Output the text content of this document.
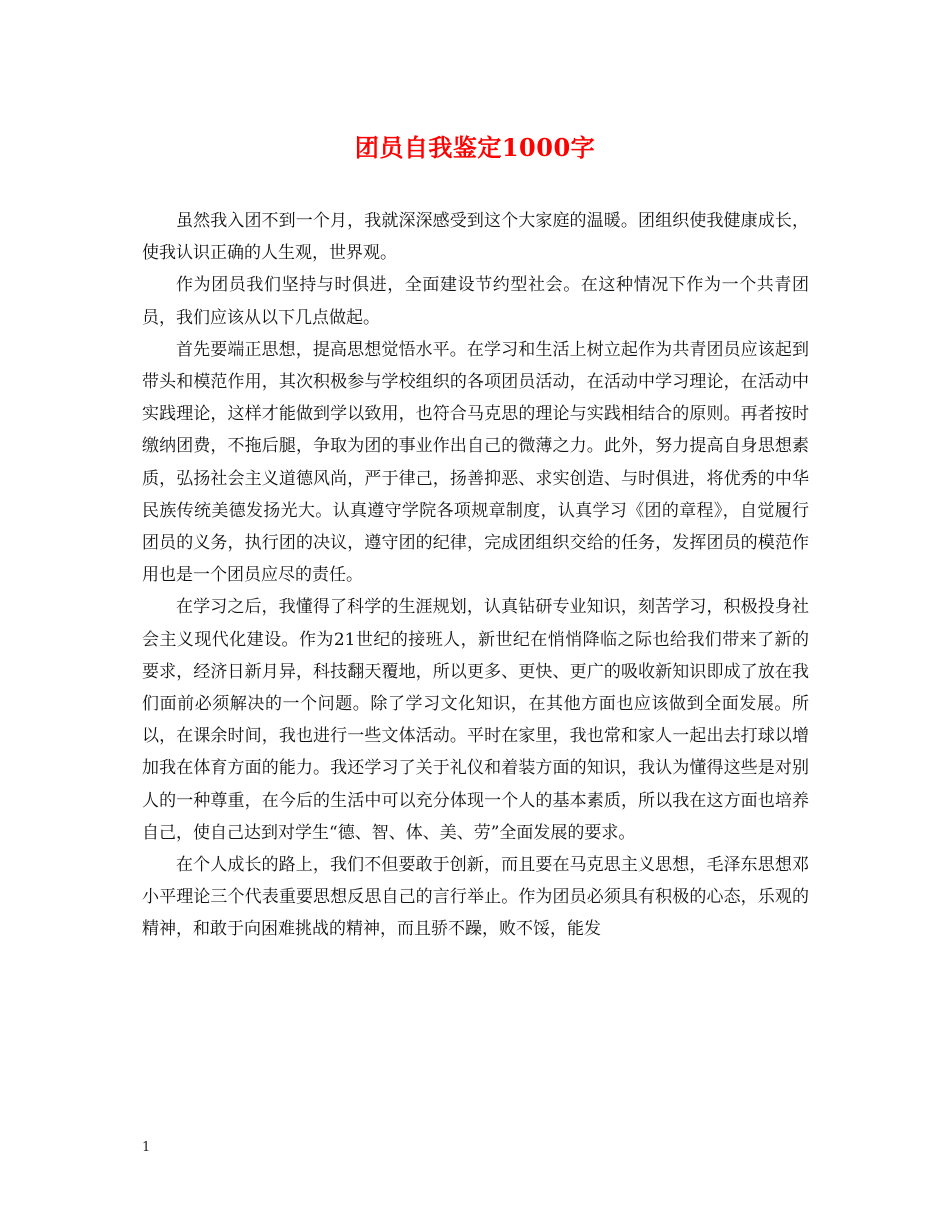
团员自我鉴定1000字

虽然我入团不到一个月，我就深深感受到这个大家庭的温暖。团组织使我健康成长，使我认识正确的人生观，世界观。

作为团员我们坚持与时俱进，全面建设节约型社会。在这种情况下作为一个共青团员，我们应该从以下几点做起。

首先要端正思想，提高思想觉悟水平。在学习和生活上树立起作为共青团员应该起到带头和模范作用，其次积极参与学校组织的各项团员活动，在活动中学习理论，在活动中实践理论，这样才能做到学以致用，也符合马克思的理论与实践相结合的原则。再者按时缴纳团费，不拖后腿，争取为团的事业作出自己的微薄之力。此外，努力提高自身思想素质，弘扬社会主义道德风尚，严于律己，扬善抑恶、求实创造、与时俱进，将优秀的中华民族传统美德发扬光大。认真遵守学院各项规章制度，认真学习《团的章程》，自觉履行团员的义务，执行团的决议，遵守团的纪律，完成团组织交给的任务，发挥团员的模范作用也是一个团员应尽的责任。

在学习之后，我懂得了科学的生涯规划，认真钻研专业知识，刻苦学习，积极投身社会主义现代化建设。作为21世纪的接班人，新世纪在悄悄降临之际也给我们带来了新的要求，经济日新月异，科技翻天覆地，所以更多、更快、更广的吸收新知识即成了放在我们面前必须解决的一个问题。除了学习文化知识，在其他方面也应该做到全面发展。所以，在课余时间，我也进行一些文体活动。平时在家里，我也常和家人一起出去打球以增加我在体育方面的能力。我还学习了关于礼仪和着装方面的知识，我认为懂得这些是对别人的一种尊重，在今后的生活中可以充分体现一个人的基本素质，所以我在这方面也培养自己，使自己达到对学生“德、智、体、美、劳”全面发展的要求。

在个人成长的路上，我们不但要敢于创新，而且要在马克思主义思想，毛泽东思想邓小平理论三个代表重要思想反思自己的言行举止。作为团员必须具有积极的心态，乐观的精神，和敢于向困难挑战的精神，而且骄不躁，败不馁，能发

1
